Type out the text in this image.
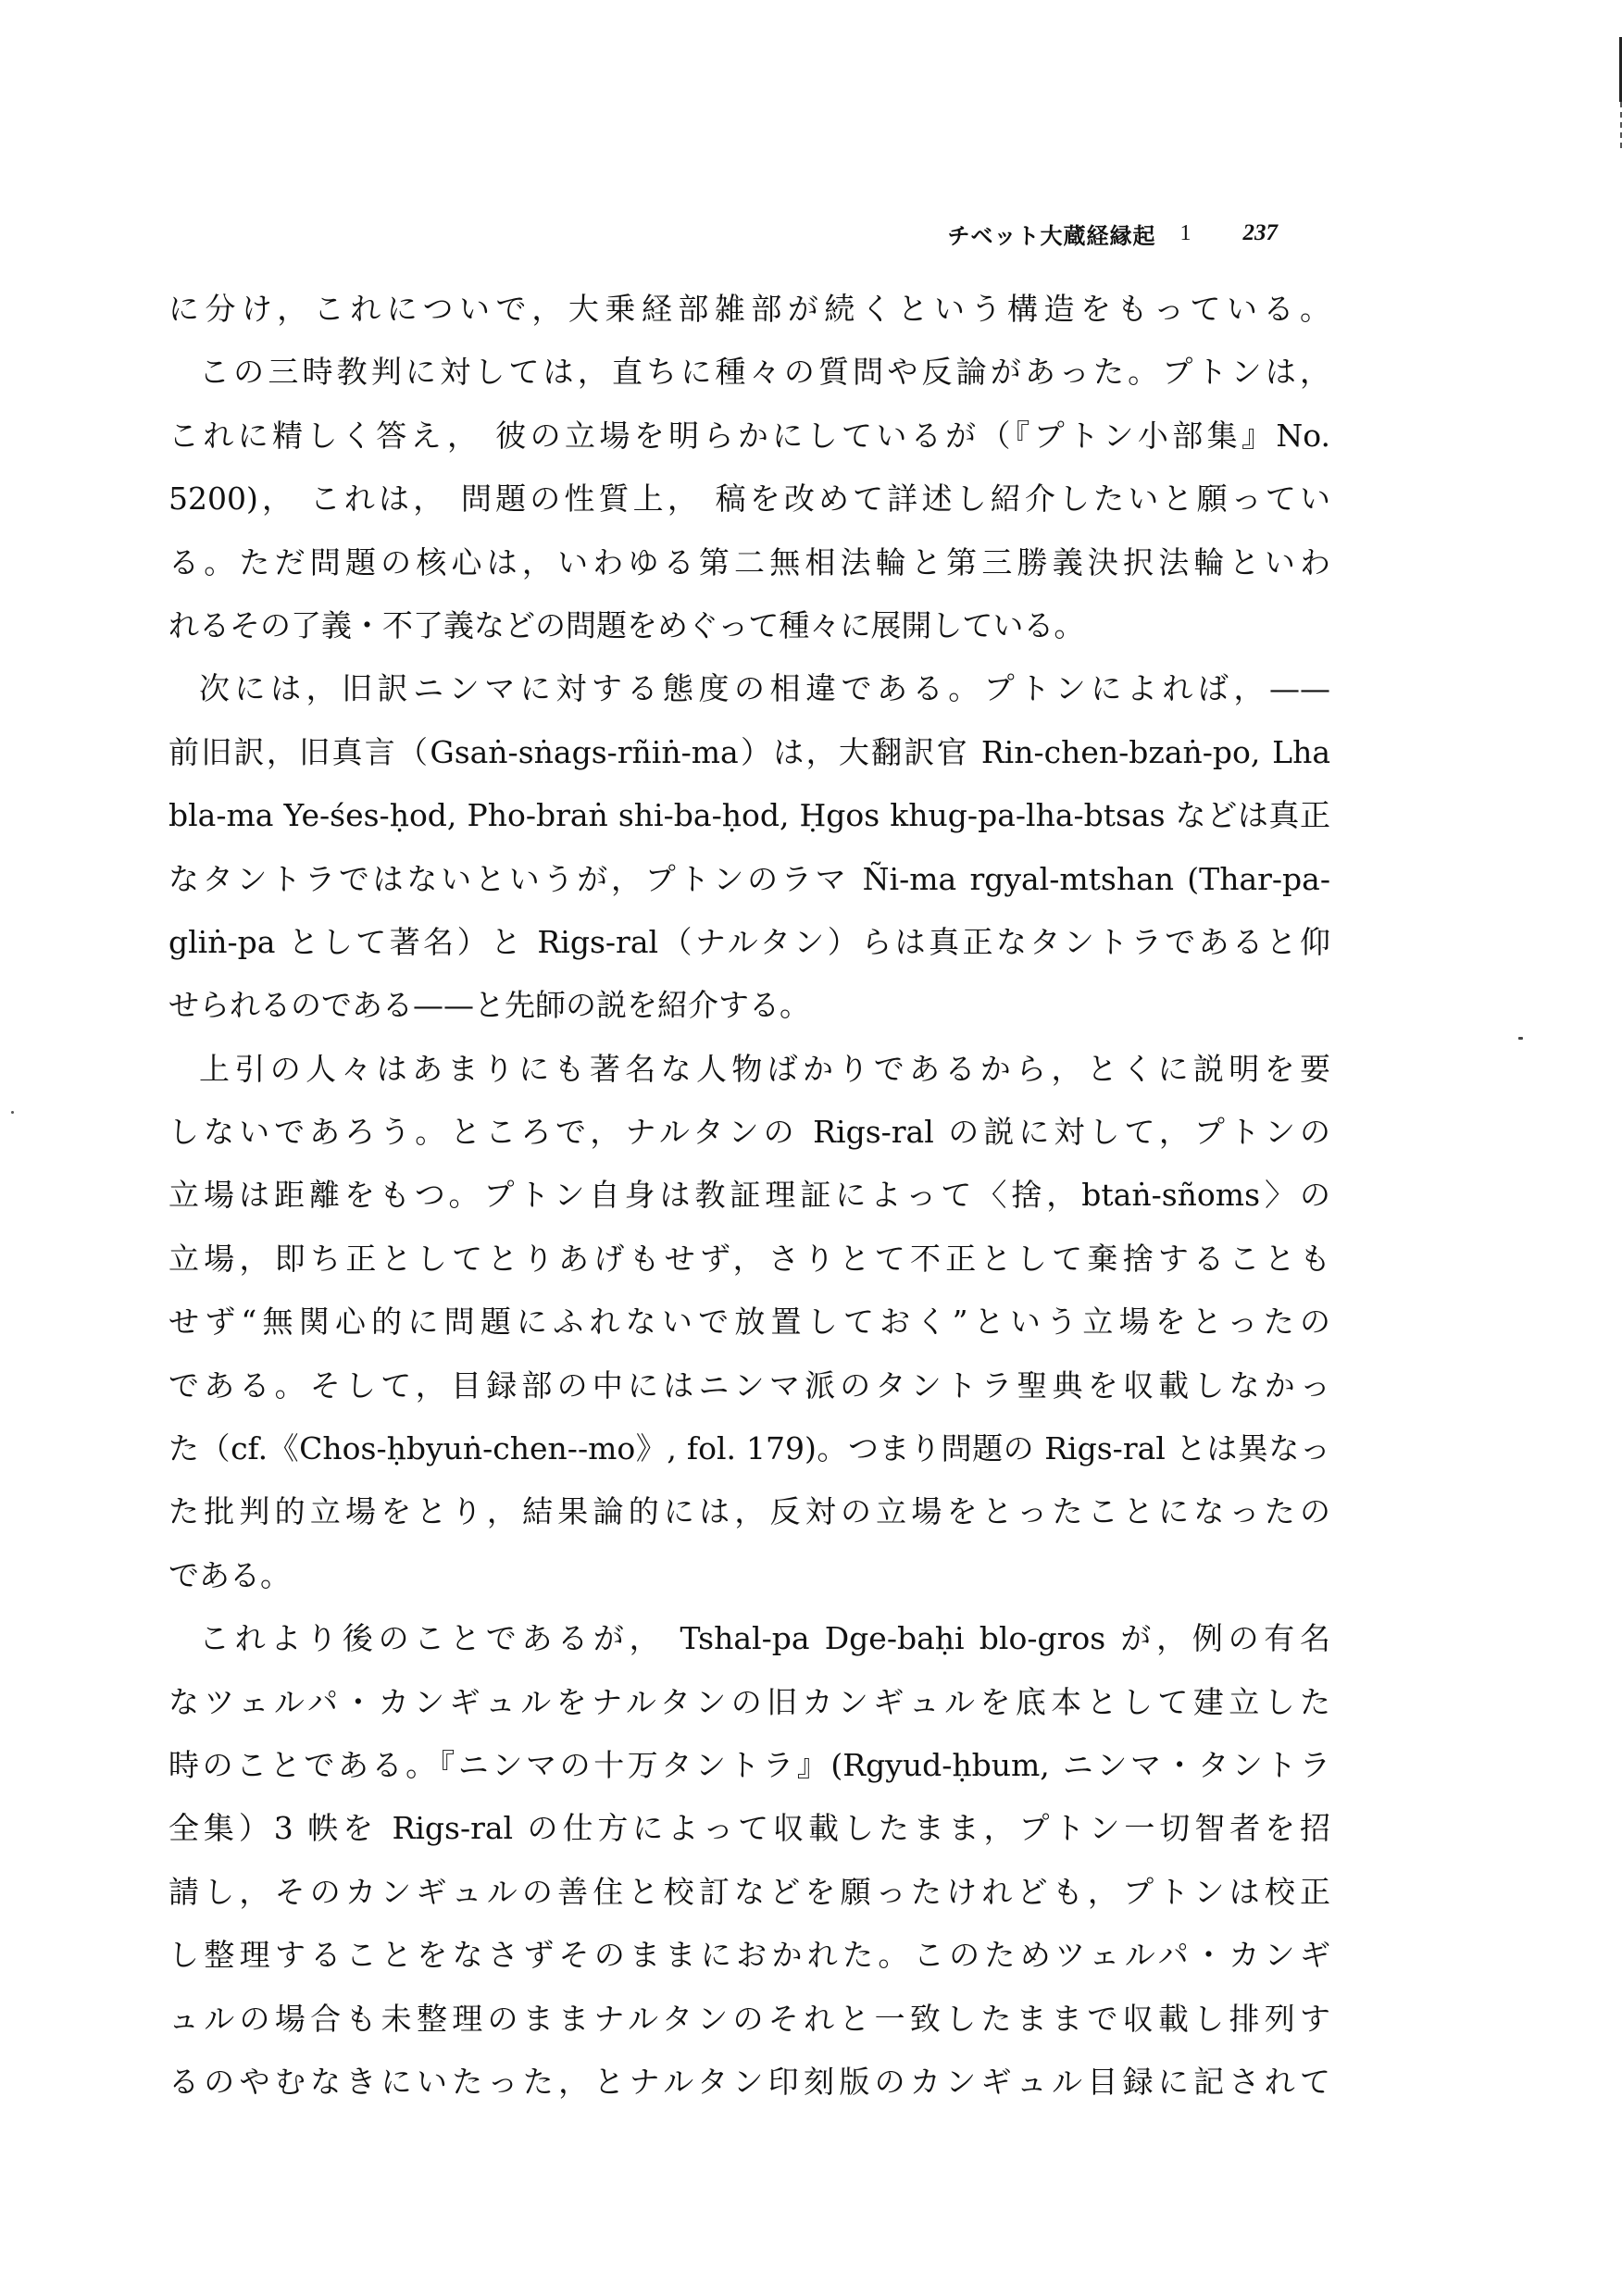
チベット大蔵経縁起 1 237
に分け，これについで，大乗経部雑部が続くという構造をもっている。
この三時教判に対しては，直ちに種々の質問や反論があった。プトンは，
これに精しく答え， 彼の立場を明らかにしているが（『プトン小部集』No.
5200)， これは， 問題の性質上， 稿を改めて詳述し紹介したいと願ってい
る。ただ問題の核心は，いわゆる第二無相法輪と第三勝義決択法輪といわ
れるその了義・不了義などの問題をめぐって種々に展開している。
次には，旧訳ニンマに対する態度の相違である。プトンによれば，——
前旧訳，旧真言（Gsaṅ-sṅags-rñiṅ-ma）は，大翻訳官 Rin-chen-bzaṅ-po, Lha
bla-ma Ye-śes-ḥod, Pho-braṅ shi-ba-ḥod, Ḥgos khug-pa-lha-btsas などは真正
なタントラではないというが，プトンのラマ Ñi-ma rgyal-mtshan (Thar-pa-
gliṅ-pa として著名）と Rigs-ral（ナルタン）らは真正なタントラであると仰
せられるのである——と先師の説を紹介する。
上引の人々はあまりにも著名な人物ばかりであるから，とくに説明を要
しないであろう。ところで，ナルタンの Rigs-ral の説に対して，プトンの
立場は距離をもつ。プトン自身は教証理証によって〈捨，btaṅ-sñoms〉の
立場，即ち正としてとりあげもせず，さりとて不正として棄捨することも
せず“無関心的に問題にふれないで放置しておく”という立場をとったの
である。そして，目録部の中にはニンマ派のタントラ聖典を収載しなかっ
た（cf.《Chos-ḥbyuṅ-chen--mo》, fol. 179)。つまり問題の Rigs-ral とは異なっ
た批判的立場をとり，結果論的には，反対の立場をとったことになったの
である。
これより後のことであるが， Tshal-pa Dge-baḥi blo-gros が，例の有名
なツェルパ・カンギュルをナルタンの旧カンギュルを底本として建立した
時のことである。『ニンマの十万タントラ』(Rgyud-ḥbum, ニンマ・タントラ
全集）3 帙を Rigs-ral の仕方によって収載したまま，プトン一切智者を招
請し，そのカンギュルの善住と校訂などを願ったけれども，プトンは校正
し整理することをなさずそのままにおかれた。このためツェルパ・カンギ
ュルの場合も未整理のままナルタンのそれと一致したままで収載し排列す
るのやむなきにいたった，とナルタン印刻版のカンギュル目録に記されて
